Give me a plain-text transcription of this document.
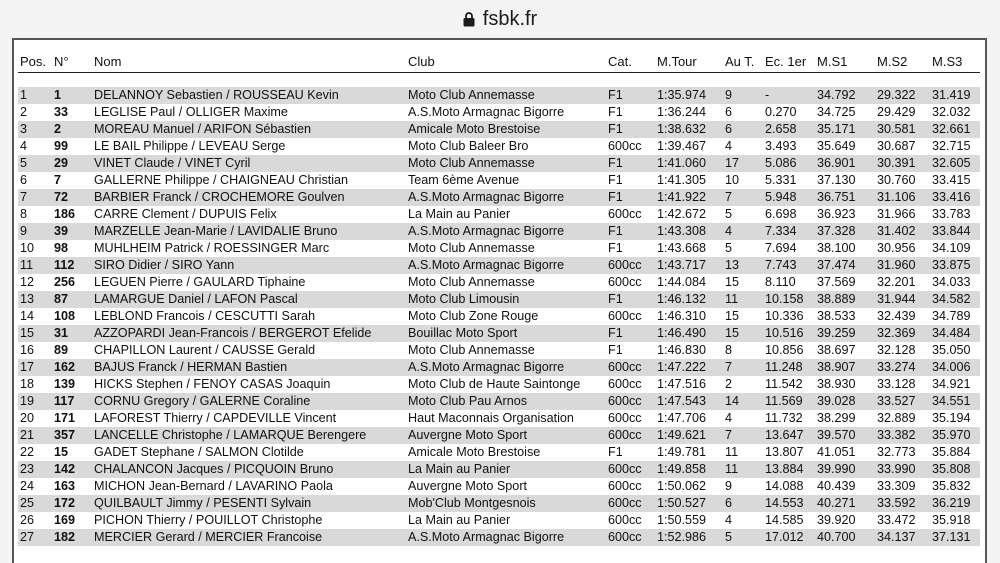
fsbk.fr
Pos.	N°	Nom	Club	Cat.	M.Tour	Au T.	Ec. 1er	M.S1	M.S2	M.S3

1	1	DELANNOY Sebastien / ROUSSEAU Kevin	Moto Club Annemasse	F1	1:35.974	9	-	34.792	29.322	31.419
2	33	LEGLISE Paul / OLLIGER Maxime	A.S.Moto Armagnac Bigorre	F1	1:36.244	6	0.270	34.725	29.429	32.032
3	2	MOREAU Manuel / ARIFON Sébastien	Amicale Moto Brestoise	F1	1:38.632	6	2.658	35.171	30.581	32.661
4	99	LE BAIL Philippe / LEVEAU Serge	Moto Club Baleer Bro	600cc	1:39.467	4	3.493	35.649	30.687	32.715
5	29	VINET Claude / VINET Cyril	Moto Club Annemasse	F1	1:41.060	17	5.086	36.901	30.391	32.605
6	7	GALLERNE Philippe / CHAIGNEAU Christian	Team 6ème Avenue	F1	1:41.305	10	5.331	37.130	30.760	33.415
7	72	BARBIER Franck / CROCHEMORE Goulven	A.S.Moto Armagnac Bigorre	F1	1:41.922	7	5.948	36.751	31.106	33.416
8	186	CARRE Clement / DUPUIS Felix	La Main au Panier	600cc	1:42.672	5	6.698	36.923	31.966	33.783
9	39	MARZELLE Jean-Marie / LAVIDALIE Bruno	A.S.Moto Armagnac Bigorre	F1	1:43.308	4	7.334	37.328	31.402	33.844
10	98	MUHLHEIM Patrick / ROESSINGER Marc	Moto Club Annemasse	F1	1:43.668	5	7.694	38.100	30.956	34.109
11	112	SIRO Didier / SIRO Yann	A.S.Moto Armagnac Bigorre	600cc	1:43.717	13	7.743	37.474	31.960	33.875
12	256	LEGUEN Pierre / GAULARD Tiphaine	Moto Club Annemasse	600cc	1:44.084	15	8.110	37.569	32.201	34.033
13	87	LAMARGUE Daniel / LAFON Pascal	Moto Club Limousin	F1	1:46.132	11	10.158	38.889	31.944	34.582
14	108	LEBLOND Francois / CESCUTTI Sarah	Moto Club Zone Rouge	600cc	1:46.310	15	10.336	38.533	32.439	34.789
15	31	AZZOPARDI Jean-Francois / BERGEROT Efelide	Bouillac Moto Sport	F1	1:46.490	15	10.516	39.259	32.369	34.484
16	89	CHAPILLON Laurent / CAUSSE Gerald	Moto Club Annemasse	F1	1:46.830	8	10.856	38.697	32.128	35.050
17	162	BAJUS Franck / HERMAN Bastien	A.S.Moto Armagnac Bigorre	600cc	1:47.222	7	11.248	38.907	33.274	34.006
18	139	HICKS Stephen / FENOY CASAS Joaquin	Moto Club de Haute Saintonge	600cc	1:47.516	2	11.542	38.930	33.128	34.921
19	117	CORNU Gregory / GALERNE Coraline	Moto Club Pau Arnos	600cc	1:47.543	14	11.569	39.028	33.527	34.551
20	171	LAFOREST Thierry / CAPDEVILLE Vincent	Haut Maconnais Organisation	600cc	1:47.706	4	11.732	38.299	32.889	35.194
21	357	LANCELLE Christophe / LAMARQUE Berengere	Auvergne Moto Sport	600cc	1:49.621	7	13.647	39.570	33.382	35.970
22	15	GADET Stephane / SALMON Clotilde	Amicale Moto Brestoise	F1	1:49.781	11	13.807	41.051	32.773	35.884
23	142	CHALANCON Jacques / PICQUOIN Bruno	La Main au Panier	600cc	1:49.858	11	13.884	39.990	33.990	35.808
24	163	MICHON Jean-Bernard / LAVARINO Paola	Auvergne Moto Sport	600cc	1:50.062	9	14.088	40.439	33.309	35.832
25	172	QUILBAULT Jimmy / PESENTI Sylvain	Mob'Club Montgesnois	600cc	1:50.527	6	14.553	40.271	33.592	36.219
26	169	PICHON Thierry / POUILLOT Christophe	La Main au Panier	600cc	1:50.559	4	14.585	39.920	33.472	35.918
27	182	MERCIER Gerard / MERCIER Francoise	A.S.Moto Armagnac Bigorre	600cc	1:52.986	5	17.012	40.700	34.137	37.131
